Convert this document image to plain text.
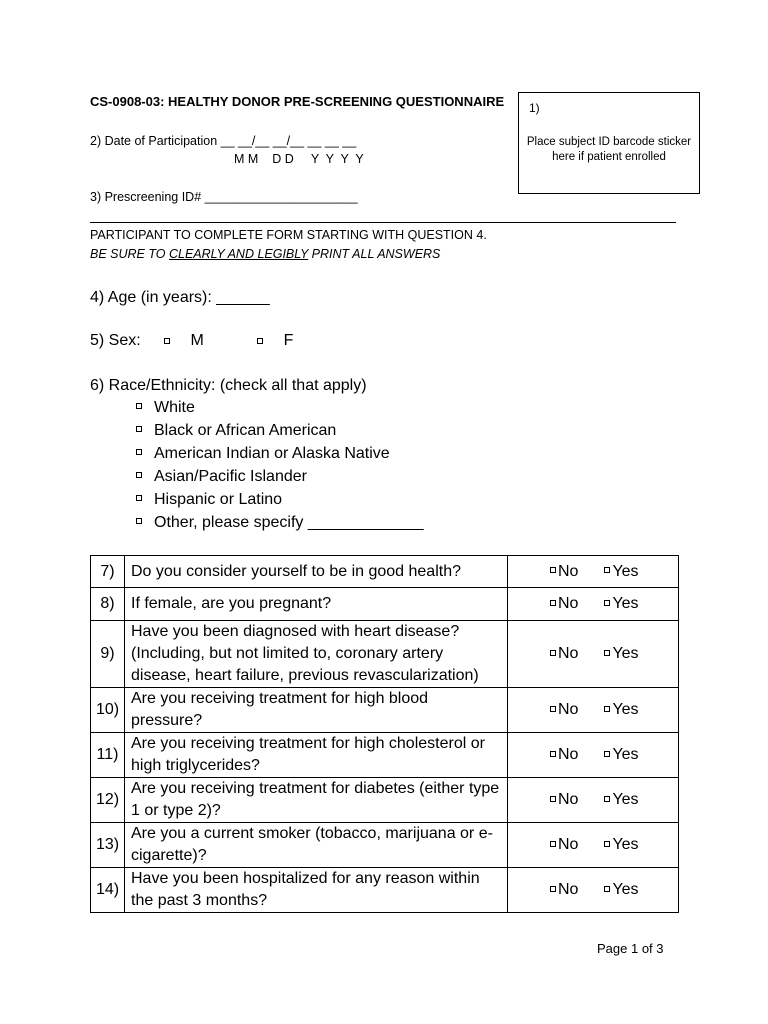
CS-0908-03: HEALTHY DONOR PRE-SCREENING QUESTIONNAIRE 1)
Place subject ID barcode sticker here if patient enrolled
2) Date of Participation __ __/__ __/__ __ __ __
M M    D D     Y  Y  Y  Y
3) Prescreening ID# ______________________
PARTICIPANT TO COMPLETE FORM STARTING WITH QUESTION 4.
BE SURE TO CLEARLY AND LEGIBLY PRINT ALL ANSWERS
4) Age (in years): ______
5) Sex:	M	F
6) Race/Ethnicity: (check all that apply)
White
Black or African American
American Indian or Alaska Native
Asian/Pacific Islander
Hispanic or Latino
Other, please specify _____________
7)	Do you consider yourself to be in good health?	No Yes

8)	If female, are you pregnant?	No Yes

9)	Have you been diagnosed with heart disease? (Including, but not limited to, coronary artery disease, heart failure, previous revascularization)	No Yes

10)	Are you receiving treatment for high blood pressure?	No Yes

11)	Are you receiving treatment for high cholesterol or high triglycerides?	No Yes

12)	Are you receiving treatment for diabetes (either type 1 or type 2)?	No Yes

13)	Are you a current smoker (tobacco, marijuana or e-cigarette)?	No Yes

14)	Have you been hospitalized for any reason within the past 3 months?	No Yes
Page 1 of 3
